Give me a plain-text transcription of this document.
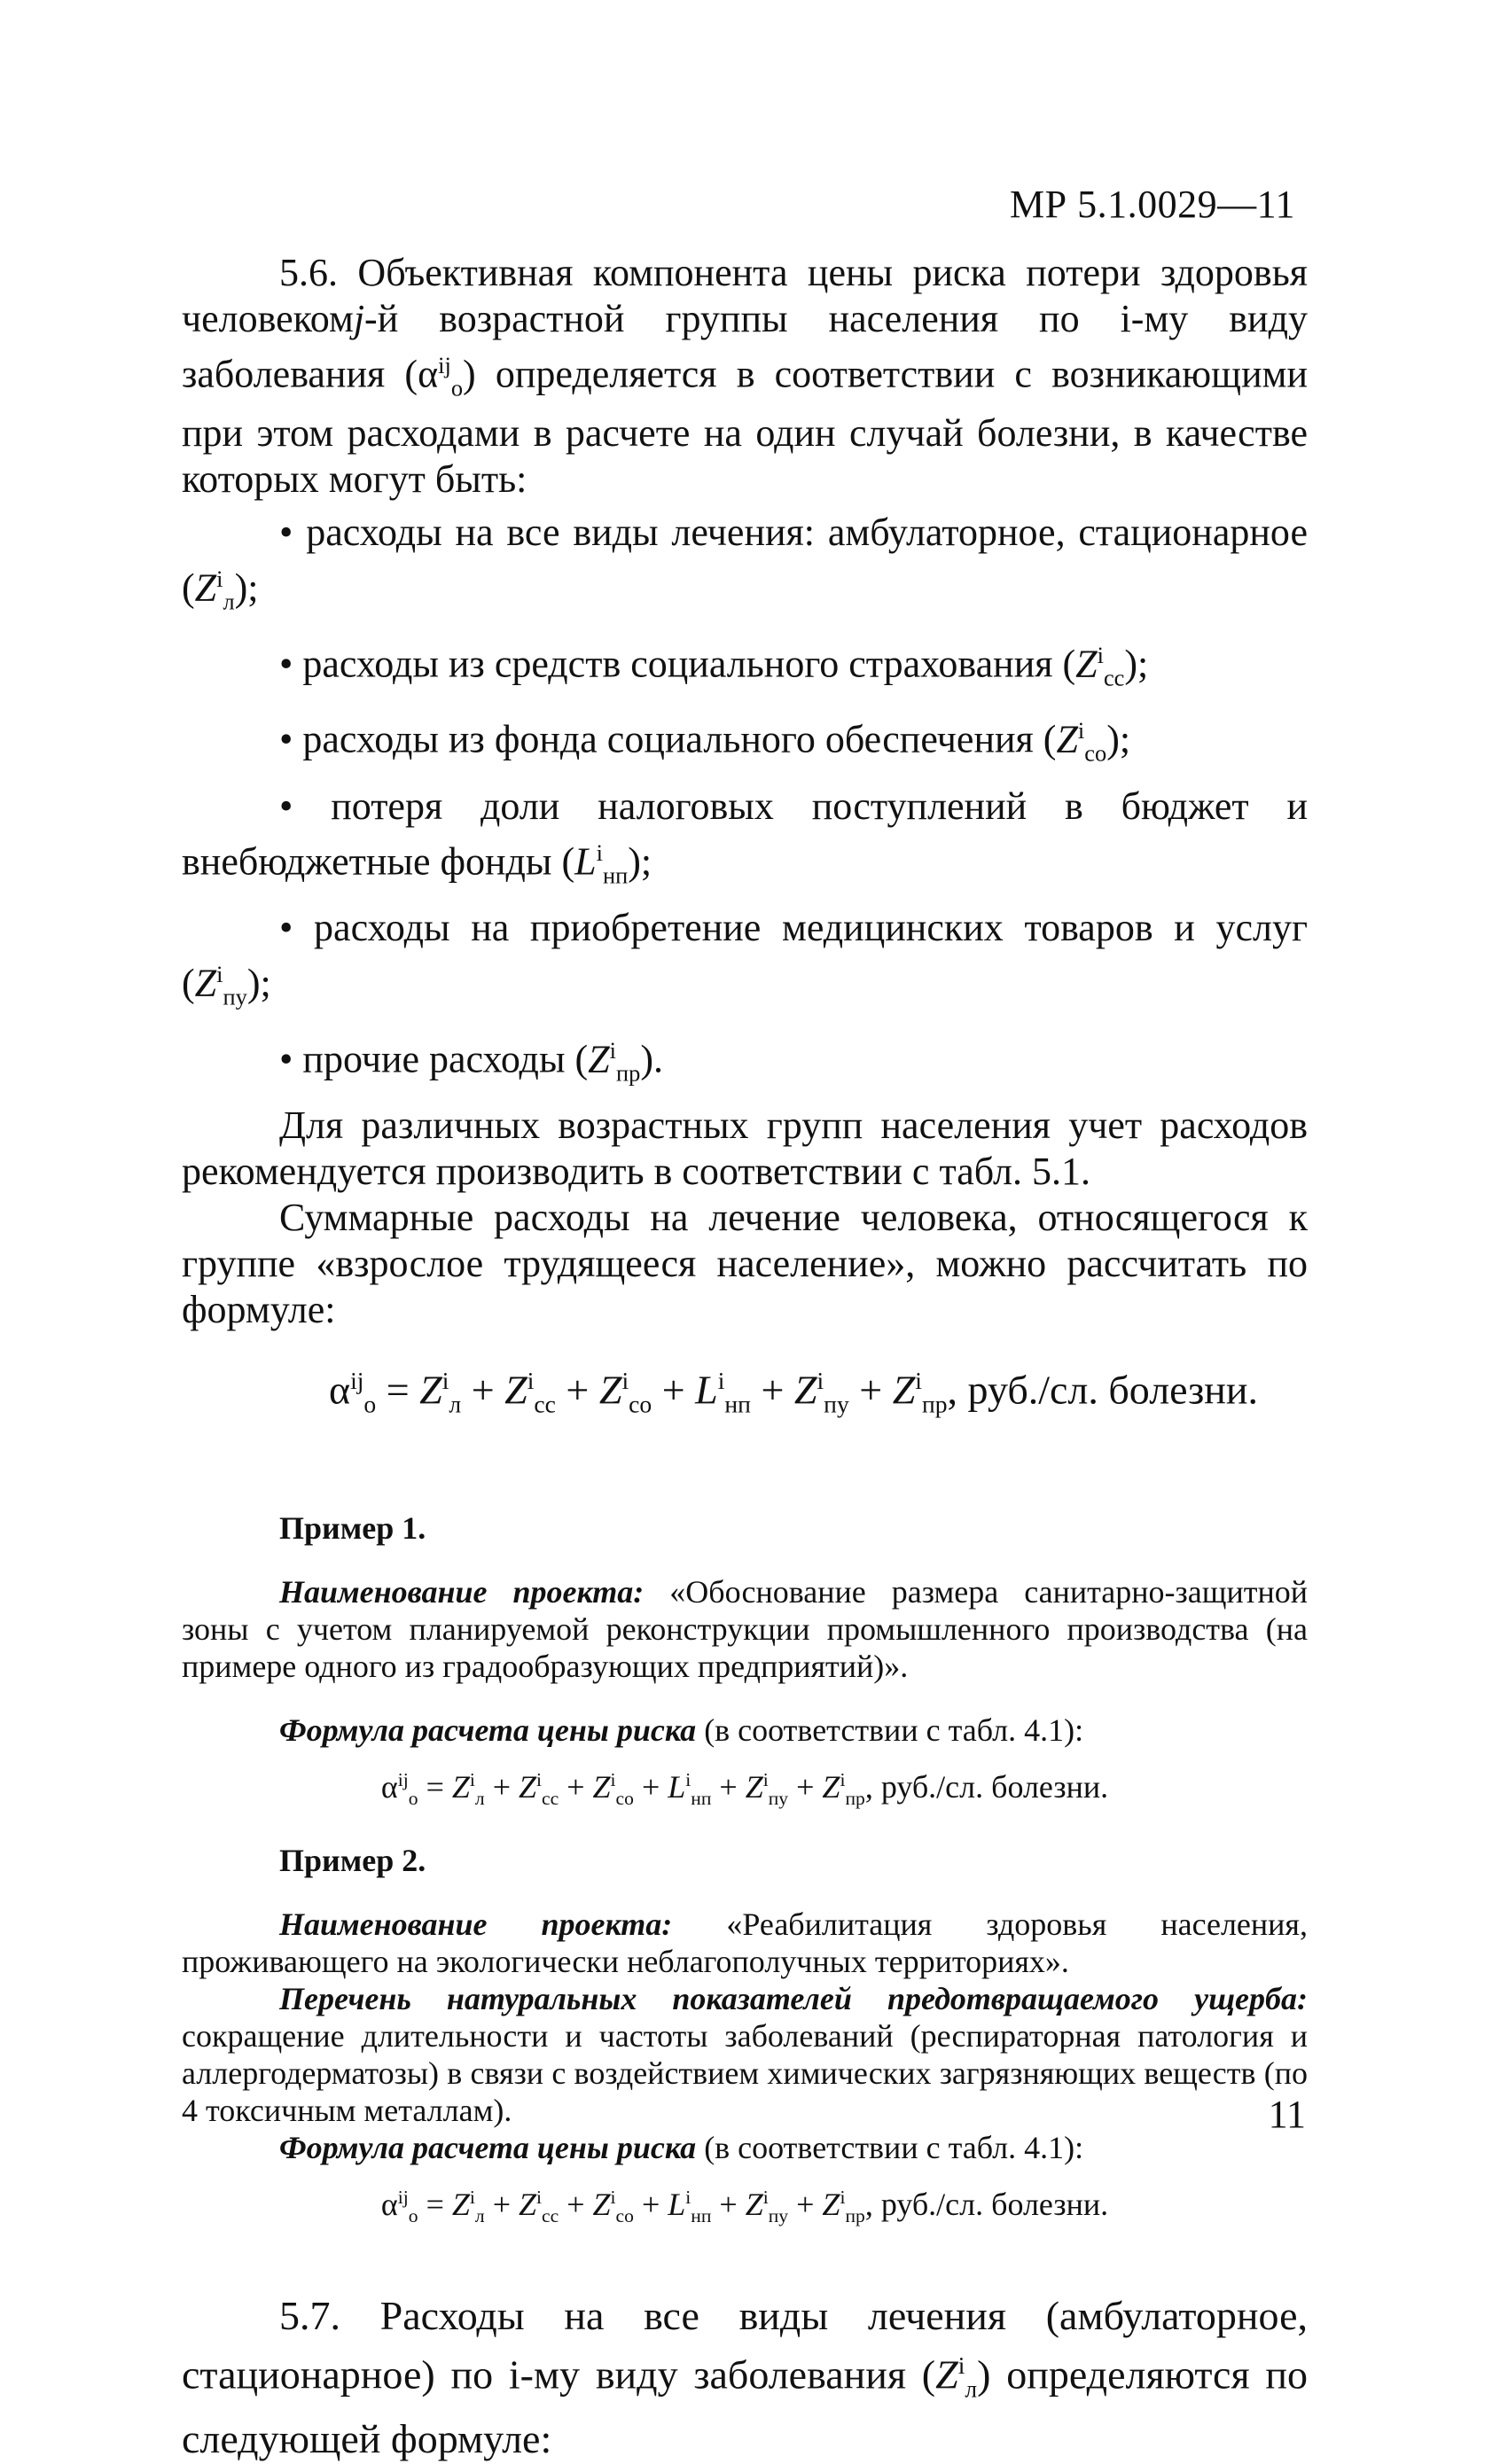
МР 5.1.0029—11

5.6. Объективная компонента цены риска потери здоровья человекомj-й возрастной группы населения по i-му виду заболевания $(\alpha^{ij}_о)$ определяется в соответствии с возникающими при этом расходами в расчете на один случай болезни, в качестве которых могут быть:

• расходы на все виды лечения: амбулаторное, стационарное $(Z^i_л)$;

• расходы из средств социального страхования $(Z^i_{сс})$;

• расходы из фонда социального обеспечения $(Z^i_{со})$;

• потеря доли налоговых поступлений в бюджет и внебюджетные фонды $(L^i_{нп})$;

• расходы на приобретение медицинских товаров и услуг $(Z^i_{пу})$;

• прочие расходы $(Z^i_{пр})$.

Для различных возрастных групп населения учет расходов рекомендуется производить в соответствии с табл. 5.1.

Суммарные расходы на лечение человека, относящегося к группе «взрослое трудящееся население», можно рассчитать по формуле:

$\alpha^{ij}_о = Z^i_л + Z^i_{сс} + Z^i_{со} + L^i_{нп} + Z^i_{пу} + Z^i_{пр}$, руб./сл. болезни.

Пример 1.

Наименование проекта: «Обоснование размера санитарно-защитной зоны с учетом планируемой реконструкции промышленного производства (на примере одного из градообразующих предприятий)».

Формула расчета цены риска (в соответствии с табл. 4.1):

$\alpha^{ij}_о = Z^i_л + Z^i_{сс} + Z^i_{со} + L^i_{нп} + Z^i_{пу} + Z^i_{пр}$, руб./сл. болезни.

Пример 2.

Наименование проекта: «Реабилитация здоровья населения, проживающего на экологически неблагополучных территориях».

Перечень натуральных показателей предотвращаемого ущерба: сокращение длительности и частоты заболеваний (респираторная патология и аллергодерматозы) в связи с воздействием химических загрязняющих веществ (по 4 токсичным металлам).

Формула расчета цены риска (в соответствии с табл. 4.1):

$\alpha^{ij}_о = Z^i_л + Z^i_{сс} + Z^i_{со} + L^i_{нп} + Z^i_{пу} + Z^i_{пр}$, руб./сл. болезни.

5.7. Расходы на все виды лечения (амбулаторное, стационарное) по i-му виду заболевания $(Z^i_л)$ определяются по следующей формуле:

11
